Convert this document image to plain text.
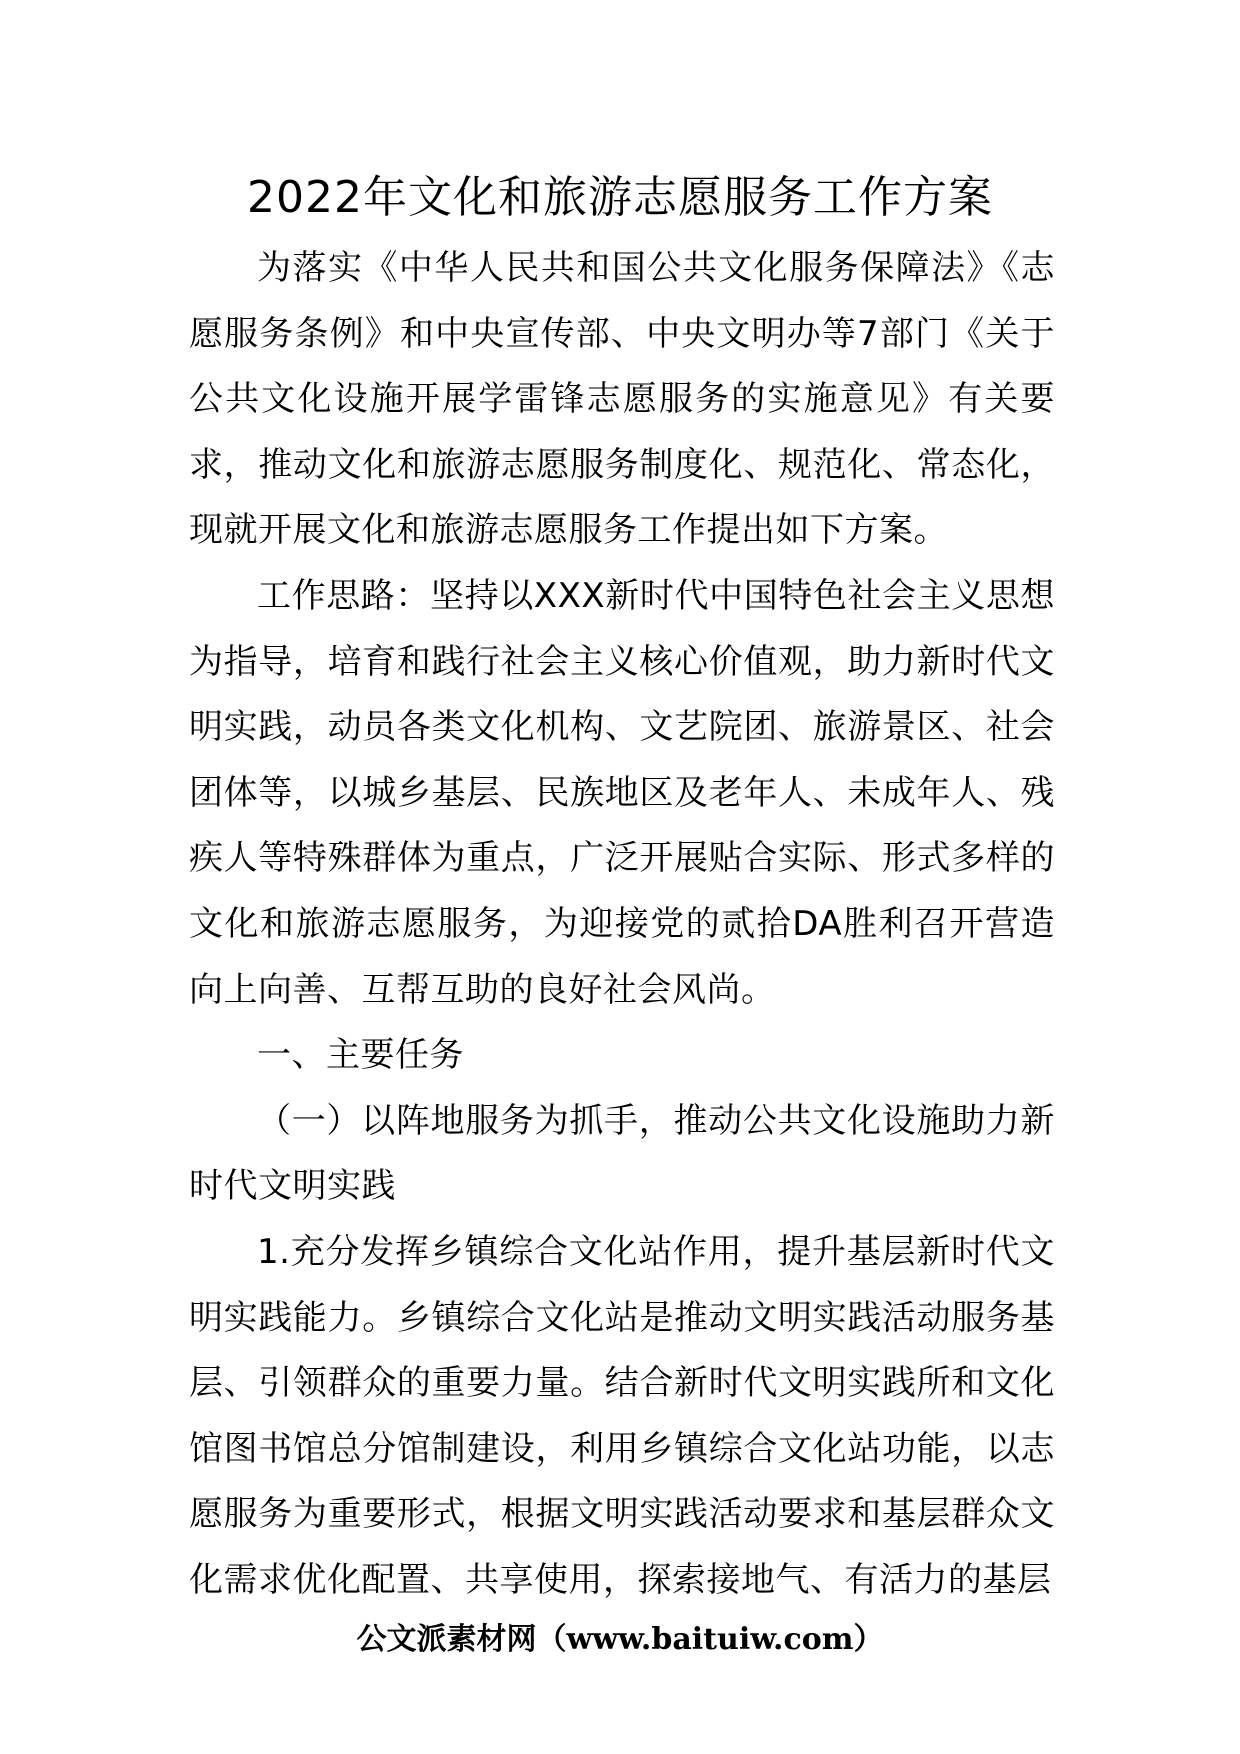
2022年文化和旅游志愿服务工作方案

为落实《中华人民共和国公共文化服务保障法》《志愿服务条例》和中央宣传部、中央文明办等7部门《关于公共文化设施开展学雷锋志愿服务的实施意见》有关要求，推动文化和旅游志愿服务制度化、规范化、常态化，现就开展文化和旅游志愿服务工作提出如下方案。

工作思路：坚持以XXX新时代中国特色社会主义思想为指导，培育和践行社会主义核心价值观，助力新时代文明实践，动员各类文化机构、文艺院团、旅游景区、社会团体等，以城乡基层、民族地区及老年人、未成年人、残疾人等特殊群体为重点，广泛开展贴合实际、形式多样的文化和旅游志愿服务，为迎接党的贰拾DA胜利召开营造向上向善、互帮互助的良好社会风尚。

一、主要任务

（一）以阵地服务为抓手，推动公共文化设施助力新时代文明实践

1.充分发挥乡镇综合文化站作用，提升基层新时代文明实践能力。乡镇综合文化站是推动文明实践活动服务基层、引领群众的重要力量。结合新时代文明实践所和文化馆图书馆总分馆制建设，利用乡镇综合文化站功能，以志愿服务为重要形式，根据文明实践活动要求和基层群众文化需求优化配置、共享使用，探索接地气、有活力的基层

公文派素材网（www.baituiw.com）
